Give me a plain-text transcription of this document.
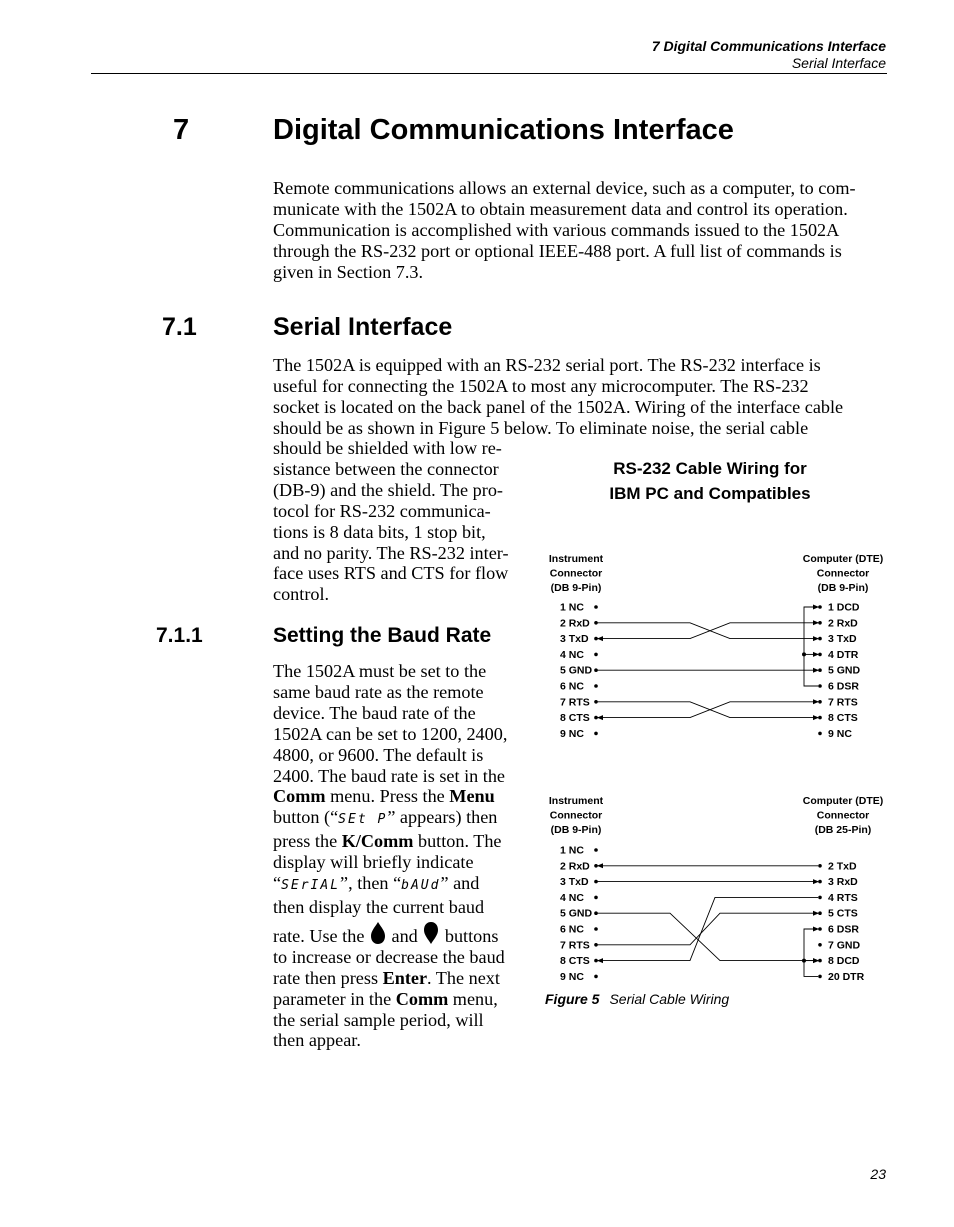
7 Digital Communications Interface
Serial Interface
7	Digital Communications Interface
Remote communications allows an external device, such as a computer, to com-
municate with the 1502A to obtain measurement data and control its operation.
Communication is accomplished with various commands issued to the 1502A
through the RS-232 port or optional IEEE-488 port. A full list of commands is
given in Section 7.3.
7.1	Serial Interface
The 1502A is equipped with an RS-232 serial port. The RS-232 interface is
useful for connecting the 1502A to most any microcomputer. The RS-232
socket is located on the back panel of the 1502A. Wiring of the interface cable
should be as shown in Figure 5 below. To eliminate noise, the serial cable
should be shielded with low re-
sistance between the connector
(DB-9) and the shield. The pro-
tocol for RS-232 communica-
tions is 8 data bits, 1 stop bit,
and no parity. The RS-232 inter-
face uses RTS and CTS for flow
control.
7.1.1	Setting the Baud Rate
The 1502A must be set to the
same baud rate as the remote
device. The baud rate of the
1502A can be set to 1200, 2400,
4800, or 9600. The default is
2400. The baud rate is set in the
Comm menu. Press the Menu
button (“SEt P” appears) then
press the K/Comm button. The
display will briefly indicate
“SErIAL”, then “bAUd” and
then display the current baud
rate. Use the  and  buttons
to increase or decrease the baud
rate then press Enter. The next
parameter in the Comm menu,
the serial sample period, will
then appear.
RS-232 Cable Wiring for
IBM PC and Compatibles
Instrument
Connector
(DB 9-Pin)
Computer (DTE)
Connector
(DB 9-Pin)
1 NC
2 RxD
3 TxD
4 NC
5 GND
6 NC
7 RTS
8 CTS
9 NC
1 DCD
2 RxD
3 TxD
4 DTR
5 GND
6 DSR
7 RTS
8 CTS
9 NC
Instrument
Connector
(DB 9-Pin)
Computer (DTE)
Connector
(DB 25-Pin)
1 NC
2 RxD
3 TxD
4 NC
5 GND
6 NC
7 RTS
8 CTS
9 NC
2 TxD
3 RxD
4 RTS
5 CTS
6 DSR
7 GND
8 DCD
20 DTR
Figure 5 Serial Cable Wiring
23
